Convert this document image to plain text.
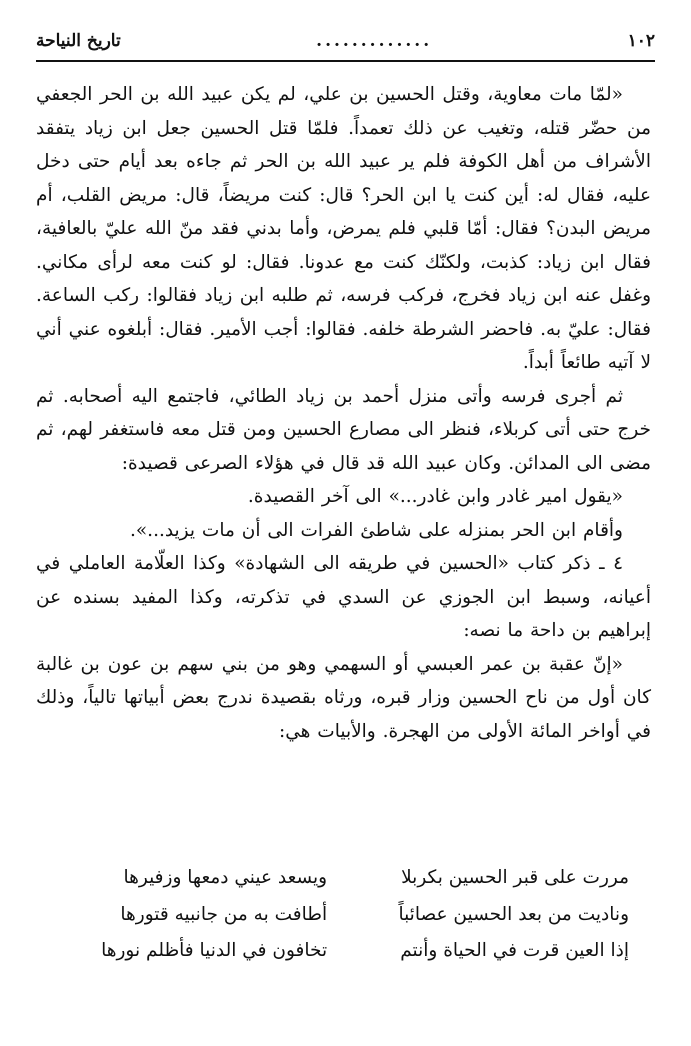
١٠٢
.............
تاريخ النياحة

«لمّا مات معاوية، وقتل الحسين بن علي، لم يكن عبيد الله بن الحر الجعفي من حضّر قتله، وتغيب عن ذلك تعمداً. فلمّا قتل الحسين جعل ابن زياد يتفقد الأشراف من أهل الكوفة فلم ير عبيد الله بن الحر ثم جاءه بعد أيام حتى دخل عليه، فقال له: أين كنت يا ابن الحر؟ قال: كنت مريضاً، قال: مريض القلب، أم مريض البدن؟ فقال: أمّا قلبي فلم يمرض، وأما بدني فقد منّ الله عليّ بالعافية، فقال ابن زياد: كذبت، ولكنّك كنت مع عدونا. فقال: لو كنت معه لرأى مكاني. وغفل عنه ابن زياد فخرج، فركب فرسه، ثم طلبه ابن زياد فقالوا: ركب الساعة. فقال: عليّ به. فاحضر الشرطة خلفه. فقالوا: أجب الأمير. فقال: أبلغوه عني أني لا آتيه طائعاً أبداً.

ثم أجرى فرسه وأتى منزل أحمد بن زياد الطائي، فاجتمع اليه أصحابه. ثم خرج حتى أتى كربلاء، فنظر الى مصارع الحسين ومن قتل معه فاستغفر لهم، ثم مضى الى المدائن. وكان عبيد الله قد قال في هؤلاء الصرعى قصيدة:

«يقول امير غادر وابن غادر...» الى آخر القصيدة.

وأقام ابن الحر بمنزله على شاطئ الفرات الى أن مات يزيد...».

٤ ـ ذكر كتاب «الحسين في طريقه الى الشهادة» وكذا العلّامة العاملي في أعيانه، وسبط ابن الجوزي عن السدي في تذكرته، وكذا المفيد بسنده عن إبراهيم بن داحة ما نصه:

«إنّ عقبة بن عمر العبسي أو السهمي وهو من بني سهم بن عون بن غالبة كان أول من ناح الحسين وزار قبره، ورثاه بقصيدة ندرج بعض أبياتها تالياً، وذلك في أواخر المائة الأولى من الهجرة. والأبيات هي:

مررت على قبر الحسين بكربلا
ويسعد عيني دمعها وزفيرها
وناديت من بعد الحسين عصائباً
أطافت به من جانبيه قتورها
إذا العين قرت في الحياة وأنتم
تخافون في الدنيا فأظلم نورها
